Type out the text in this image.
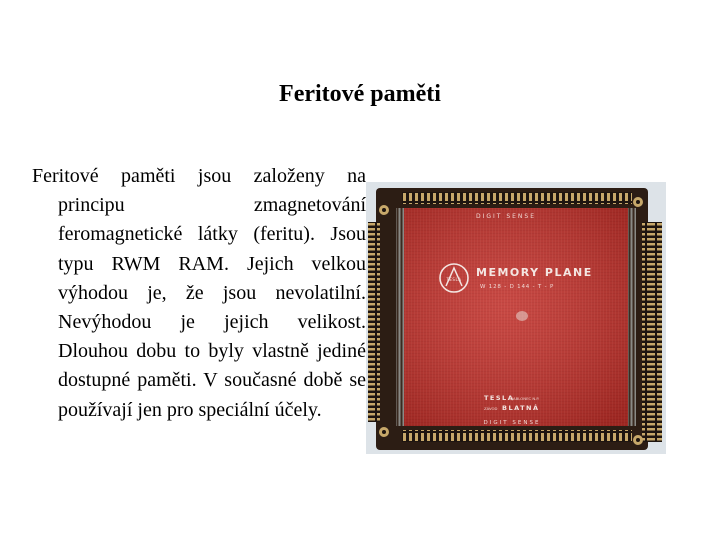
Feritové paměti

Feritové paměti jsou založeny na principu zmagnetování feromagnetické látky (feritu). Jsou typu RWM RAM. Jejich velkou výhodou je, že jsou nevolatilní. Nevýhodou je jejich velikost. Dlouhou dobu to byly vlastně jediné dostupné paměti. V současné době se používají jen pro speciální účely.

DIGIT SENSE
TESLA
MEMORY PLANE
W 128 - D 144 - T - P
TESLA
JABLONEC N.P.
ZÁVOD BLATNÁ
DIGIT SENSE
